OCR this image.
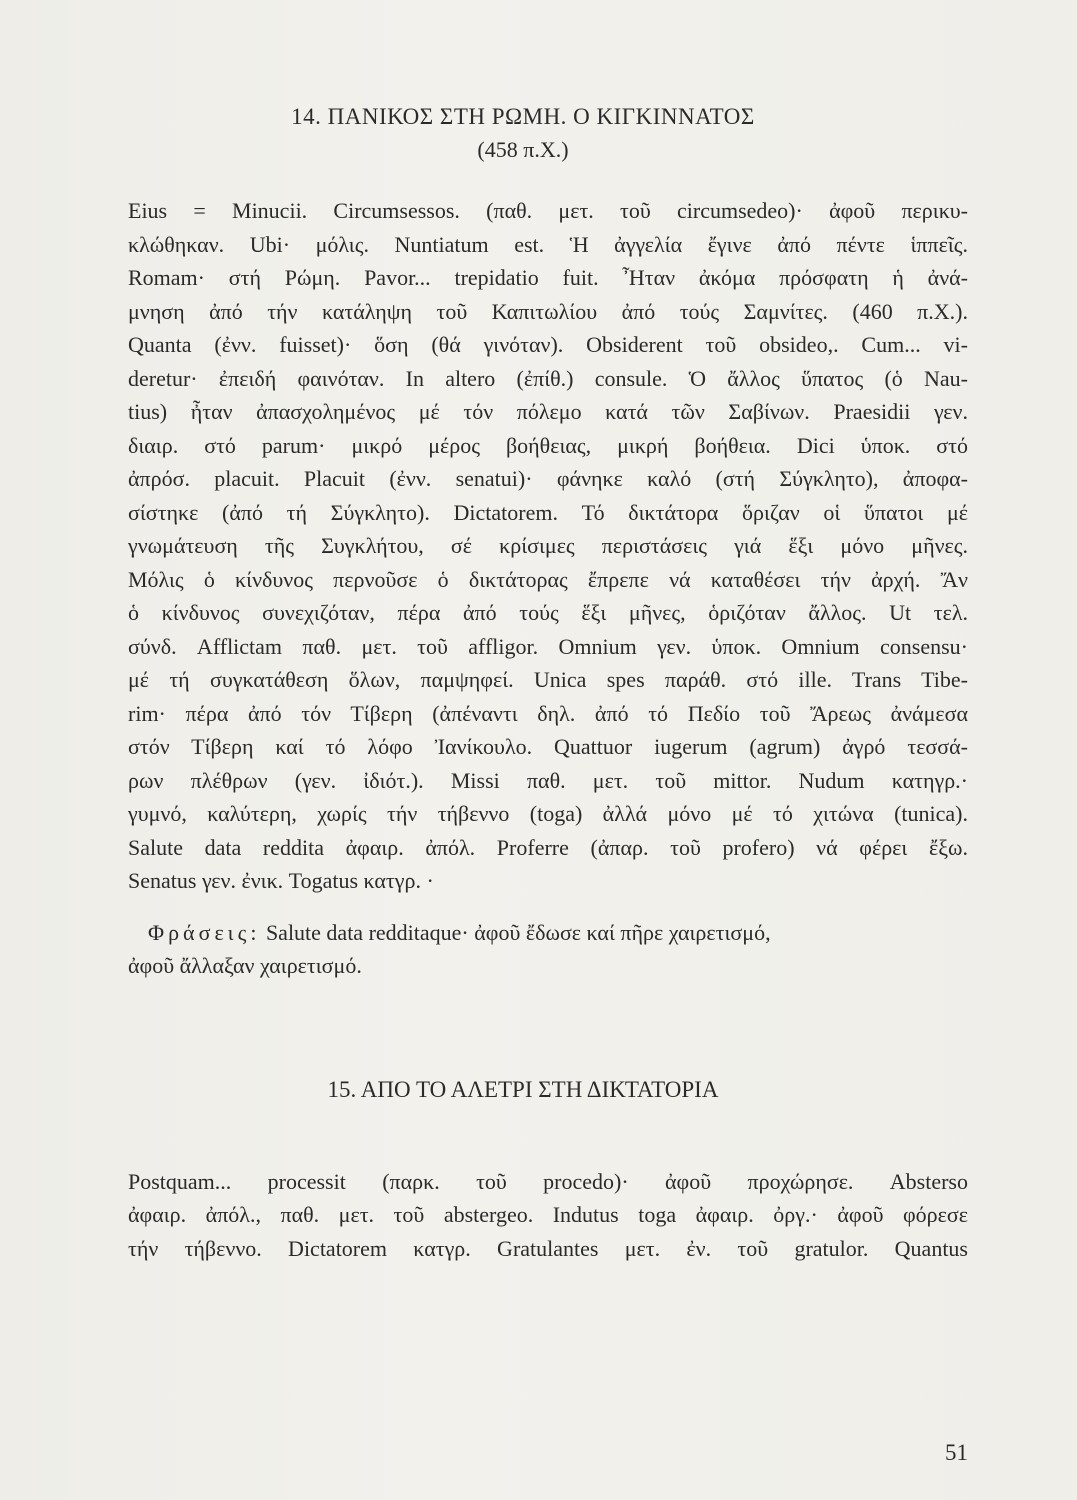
14. ΠΑΝΙΚΟΣ ΣΤΗ ΡΩΜΗ. Ο ΚΙΓΚΙΝΝΑΤΟΣ
(458 π.Χ.)
Eius = Minucii. Circumsessos. (παθ. μετ. τοῦ circumsedeo)· ἀφοῦ περικυ-
κλώθηκαν. Ubi· μόλις. Nuntiatum est. Ἡ ἀγγελία ἔγινε ἀπό πέντε ἱππεῖς.
Romam· στή Ρώμη. Pavor... trepidatio fuit. Ἦταν ἀκόμα πρόσφατη ἡ ἀνά-
μνηση ἀπό τήν κατάληψη τοῦ Καπιτωλίου ἀπό τούς Σαμνίτες. (460 π.Χ.).
Quanta (ἐνν. fuisset)· ὅση (θά γινόταν). Obsiderent τοῦ obsideo,. Cum... vi-
deretur· ἐπειδή φαινόταν. In altero (ἐπίθ.) consule. Ὁ ἄλλος ὕπατος (ὁ Nau-
tius) ἦταν ἀπασχολημένος μέ τόν πόλεμο κατά τῶν Σαβίνων. Praesidii γεν.
διαιρ. στό parum· μικρό μέρος βοήθειας, μικρή βοήθεια. Dici ὑποκ. στό
ἀπρόσ. placuit. Placuit (ἐνν. senatui)· φάνηκε καλό (στή Σύγκλητο), ἀποφα-
σίστηκε (ἀπό τή Σύγκλητο). Dictatorem. Τό δικτάτορα ὅριζαν οἱ ὕπατοι μέ
γνωμάτευση τῆς Συγκλήτου, σέ κρίσιμες περιστάσεις γιά ἕξι μόνο μῆνες.
Μόλις ὁ κίνδυνος περνοῦσε ὁ δικτάτορας ἔπρεπε νά καταθέσει τήν ἀρχή. Ἄν
ὁ κίνδυνος συνεχιζόταν, πέρα ἀπό τούς ἕξι μῆνες, ὁριζόταν ἄλλος. Ut τελ.
σύνδ. Afflictam παθ. μετ. τοῦ affligor. Omnium γεν. ὑποκ. Omnium consensu·
μέ τή συγκατάθεση ὅλων, παμψηφεί. Unica spes παράθ. στό ille. Trans Tibe-
rim· πέρα ἀπό τόν Τίβερη (ἀπέναντι δηλ. ἀπό τό Πεδίο τοῦ Ἄρεως ἀνάμεσα
στόν Τίβερη καί τό λόφο Ἰανίκουλο. Quattuor iugerum (agrum) ἀγρό τεσσά-
ρων πλέθρων (γεν. ἰδιότ.). Missi παθ. μετ. τοῦ mittor. Nudum κατηγρ.·
γυμνό, καλύτερη, χωρίς τήν τήβεννο (toga) ἀλλά μόνο μέ τό χιτώνα (tunica).
Salute data reddita ἀφαιρ. ἀπόλ. Proferre (ἀπαρ. τοῦ profero) νά φέρει ἔξω.
Senatus γεν. ἐνικ. Togatus κατγρ. ·
Φράσεις: Salute data redditaque· ἀφοῦ ἔδωσε καί πῆρε χαιρετισμό,
ἀφοῦ ἄλλαξαν χαιρετισμό.
15. ΑΠΟ ΤΟ ΑΛΕΤΡΙ ΣΤΗ ΔΙΚΤΑΤΟΡΙΑ
Postquam... processit (παρκ. τοῦ procedo)· ἀφοῦ προχώρησε. Absterso
ἀφαιρ. ἀπόλ., παθ. μετ. τοῦ abstergeo. Indutus toga ἀφαιρ. ὀργ.· ἀφοῦ φόρεσε
τήν τήβεννο. Dictatorem κατγρ. Gratulantes μετ. ἐν. τοῦ gratulor. Quantus
51
